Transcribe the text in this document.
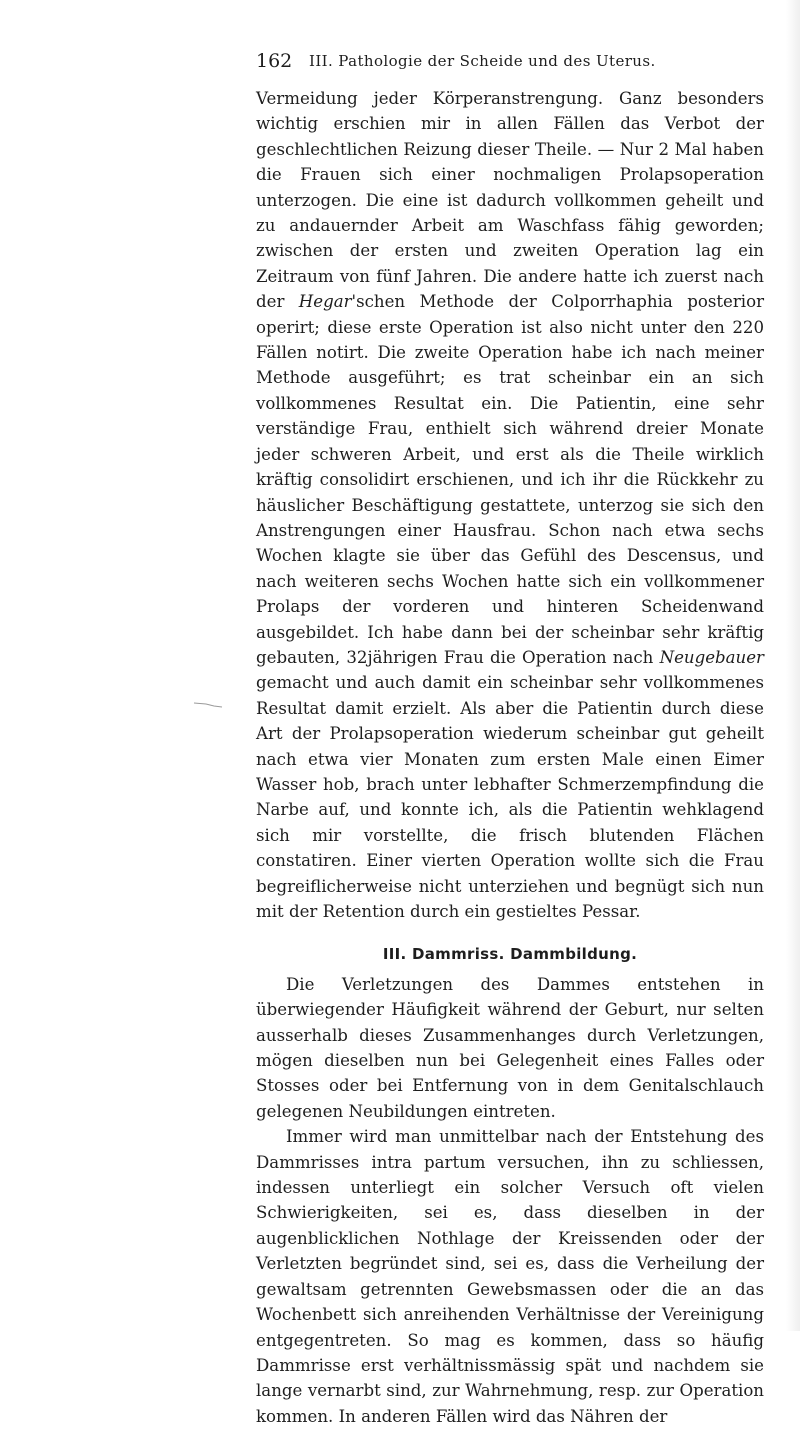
162 III. Pathologie der Scheide und des Uterus.

Vermeidung jeder Körperanstrengung. Ganz besonders wichtig erschien mir in allen Fällen das Verbot der geschlechtlichen Reizung dieser Theile. — Nur 2 Mal haben die Frauen sich einer nochmaligen Prolapsoperation unterzogen. Die eine ist dadurch vollkommen geheilt und zu andauernder Arbeit am Waschfass fähig geworden; zwischen der ersten und zweiten Operation lag ein Zeitraum von fünf Jahren. Die andere hatte ich zuerst nach der Hegar'schen Methode der Colporrhaphia posterior operirt; diese erste Operation ist also nicht unter den 220 Fällen notirt. Die zweite Operation habe ich nach meiner Methode ausgeführt; es trat scheinbar ein an sich vollkommenes Resultat ein. Die Patientin, eine sehr verständige Frau, enthielt sich während dreier Monate jeder schweren Arbeit, und erst als die Theile wirklich kräftig consolidirt erschienen, und ich ihr die Rückkehr zu häuslicher Beschäftigung gestattete, unterzog sie sich den Anstrengungen einer Hausfrau. Schon nach etwa sechs Wochen klagte sie über das Gefühl des Descensus, und nach weiteren sechs Wochen hatte sich ein vollkommener Prolaps der vorderen und hinteren Scheidenwand ausgebildet. Ich habe dann bei der scheinbar sehr kräftig gebauten, 32jährigen Frau die Operation nach Neugebauer gemacht und auch damit ein scheinbar sehr vollkommenes Resultat damit erzielt. Als aber die Patientin durch diese Art der Prolapsoperation wiederum scheinbar gut geheilt nach etwa vier Monaten zum ersten Male einen Eimer Wasser hob, brach unter lebhafter Schmerzempfindung die Narbe auf, und konnte ich, als die Patientin wehklagend sich mir vorstellte, die frisch blutenden Flächen constatiren. Einer vierten Operation wollte sich die Frau begreiflicherweise nicht unterziehen und begnügt sich nun mit der Retention durch ein gestieltes Pessar.

III. Dammriss. Dammbildung.

Die Verletzungen des Dammes entstehen in überwiegender Häufigkeit während der Geburt, nur selten ausserhalb dieses Zusammenhanges durch Verletzungen, mögen dieselben nun bei Gelegenheit eines Falles oder Stosses oder bei Entfernung von in dem Genitalschlauch gelegenen Neubildungen eintreten.

Immer wird man unmittelbar nach der Entstehung des Dammrisses intra partum versuchen, ihn zu schliessen, indessen unterliegt ein solcher Versuch oft vielen Schwierigkeiten, sei es, dass dieselben in der augenblicklichen Nothlage der Kreissenden oder der Verletzten begründet sind, sei es, dass die Verheilung der gewaltsam getrennten Gewebsmassen oder die an das Wochenbett sich anreihenden Verhältnisse der Vereinigung entgegentreten. So mag es kommen, dass so häufig Dammrisse erst verhältnissmässig spät und nachdem sie lange vernarbt sind, zur Wahrnehmung, resp. zur Operation kommen. In anderen Fällen wird das Nähren der
